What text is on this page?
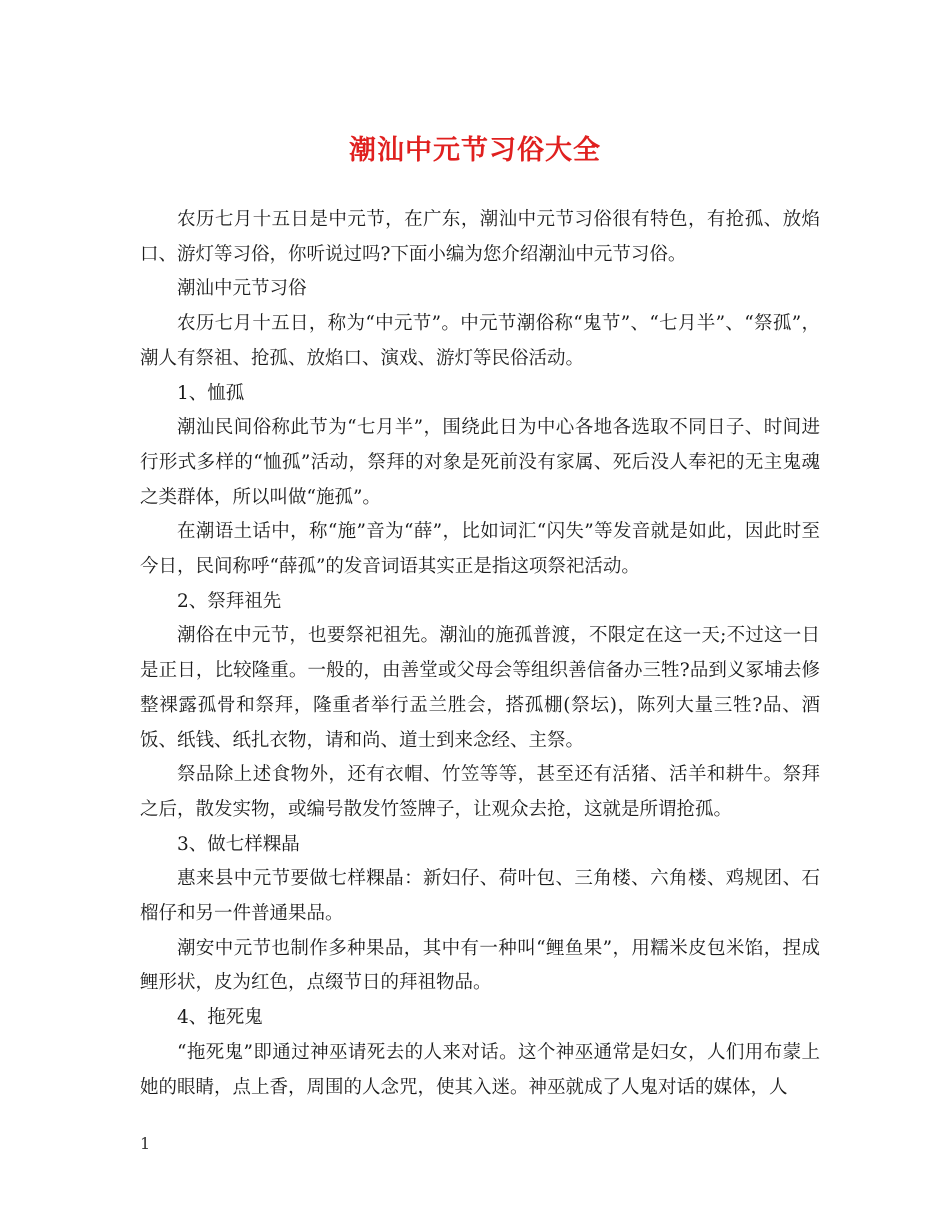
潮汕中元节习俗大全

农历七月十五日是中元节，在广东，潮汕中元节习俗很有特色，有抢孤、放焰口、游灯等习俗，你听说过吗?下面小编为您介绍潮汕中元节习俗。

潮汕中元节习俗

农历七月十五日，称为“中元节”。中元节潮俗称“鬼节”、“七月半”、“祭孤”，潮人有祭祖、抢孤、放焰口、演戏、游灯等民俗活动。

1、恤孤

潮汕民间俗称此节为“七月半”，围绕此日为中心各地各选取不同日子、时间进行形式多样的“恤孤”活动，祭拜的对象是死前没有家属、死后没人奉祀的无主鬼魂之类群体，所以叫做“施孤”。

在潮语土话中，称“施”音为“薛”，比如词汇“闪失”等发音就是如此，因此时至今日，民间称呼“薛孤”的发音词语其实正是指这项祭祀活动。

2、祭拜祖先

潮俗在中元节，也要祭祀祖先。潮汕的施孤普渡，不限定在这一天;不过这一日是正日，比较隆重。一般的，由善堂或父母会等组织善信备办三牲?品到义冢埔去修整裸露孤骨和祭拜，隆重者举行盂兰胜会，搭孤棚(祭坛)，陈列大量三牲?品、酒饭、纸钱、纸扎衣物，请和尚、道士到来念经、主祭。

祭品除上述食物外，还有衣帽、竹笠等等，甚至还有活猪、活羊和耕牛。祭拜之后，散发实物，或编号散发竹签牌子，让观众去抢，这就是所谓抢孤。

3、做七样粿晶

惠来县中元节要做七样粿晶：新妇仔、荷叶包、三角楼、六角楼、鸡规团、石榴仔和另一件普通果品。

潮安中元节也制作多种果品，其中有一种叫“鲤鱼果”，用糯米皮包米馅，捏成鲤形状，皮为红色，点缀节日的拜祖物品。

4、拖死鬼

“拖死鬼”即通过神巫请死去的人来对话。这个神巫通常是妇女，人们用布蒙上她的眼睛，点上香，周围的人念咒，使其入迷。神巫就成了人鬼对话的媒体，人

1
